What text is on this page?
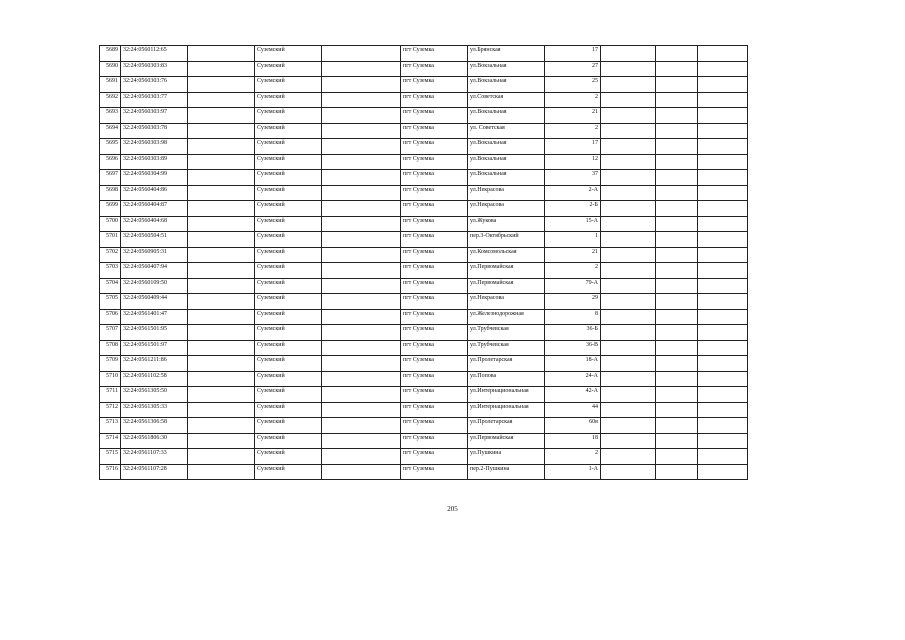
5689	32:24:0560112:65		Суземский		пгт Суземка	ул.Брянская	17			
5690	32:24:0560303:83		Суземский		пгт Суземка	ул.Вокзальная	27			
5691	32:24:0560303:76		Суземский		пгт Суземка	ул.Вокзальная	25			
5692	32:24:0560303:77		Суземский		пгт Суземка	ул.Советская	2			
5693	32:24:0560303:97		Суземский		пгт Суземка	ул.Вокзальная	21			
5694	32:24:0560303:78		Суземский		пгт Суземка	ул. Советская	2			
5695	32:24:0560303:98		Суземский		пгт Суземка	ул.Вокзальная	17			
5696	32:24:0560303:89		Суземский		пгт Суземка	ул.Вокзальная	12			
5697	32:24:0560304:99		Суземский		пгт Суземка	ул.Вокзальная	37			
5698	32:24:0560404:86		Суземский		пгт Суземка	ул.Некрасова	2-А			
5699	32:24:0560404:87		Суземский		пгт Суземка	ул.Некрасова	2-Б			
5700	32:24:0560404:68		Суземский		пгт Суземка	ул.Жукова	15-А			
5701	32:24:0560504:51		Суземский		пгт Суземка	пер.3-Октябрьский	1			
5702	32:24:0560905:31		Суземский		пгт Суземка	ул.Комсомольская	21			
5703	32:24:0560407:94		Суземский		пгт Суземка	ул.Первомайская	2			
5704	32:24:0560109:50		Суземский		пгт Суземка	ул.Первомайская	79-А			
5705	32:24:0560409:44		Суземский		пгт Суземка	ул.Некрасова	29			
5706	32:24:0561401:47		Суземский		пгт Суземка	ул.Железнодорожная	8			
5707	32:24:0561501:95		Суземский		пгт Суземка	ул.Трубчевская	36-Б			
5708	32:24:0561501:97		Суземский		пгт Суземка	ул.Трубчевская	36-В			
5709	32:24:0561211:86		Суземский		пгт Суземка	ул.Пролетарская	18-А			
5710	32:24:0561102:58		Суземский		пгт Суземка	ул.Попова	24-А			
5711	32:24:0561305:50		Суземский		пгт Суземка	ул.Интернациональная	42-А			
5712	32:24:0561305:33		Суземский		пгт Суземка	ул.Интернациональная	44			
5713	32:24:0561306:58		Суземский		пгт Суземка	ул.Пролетарская	60в			
5714	32:24:0561806:30		Суземский		пгт Суземка	ул.Первомайская	18			
5715	32:24:0561107:33		Суземский		пгт Суземка	ул.Пушкина	2			
5716	32:24:0561107:28		Суземский		пгт Суземка	пер.2-Пушкина	1-А			
205
